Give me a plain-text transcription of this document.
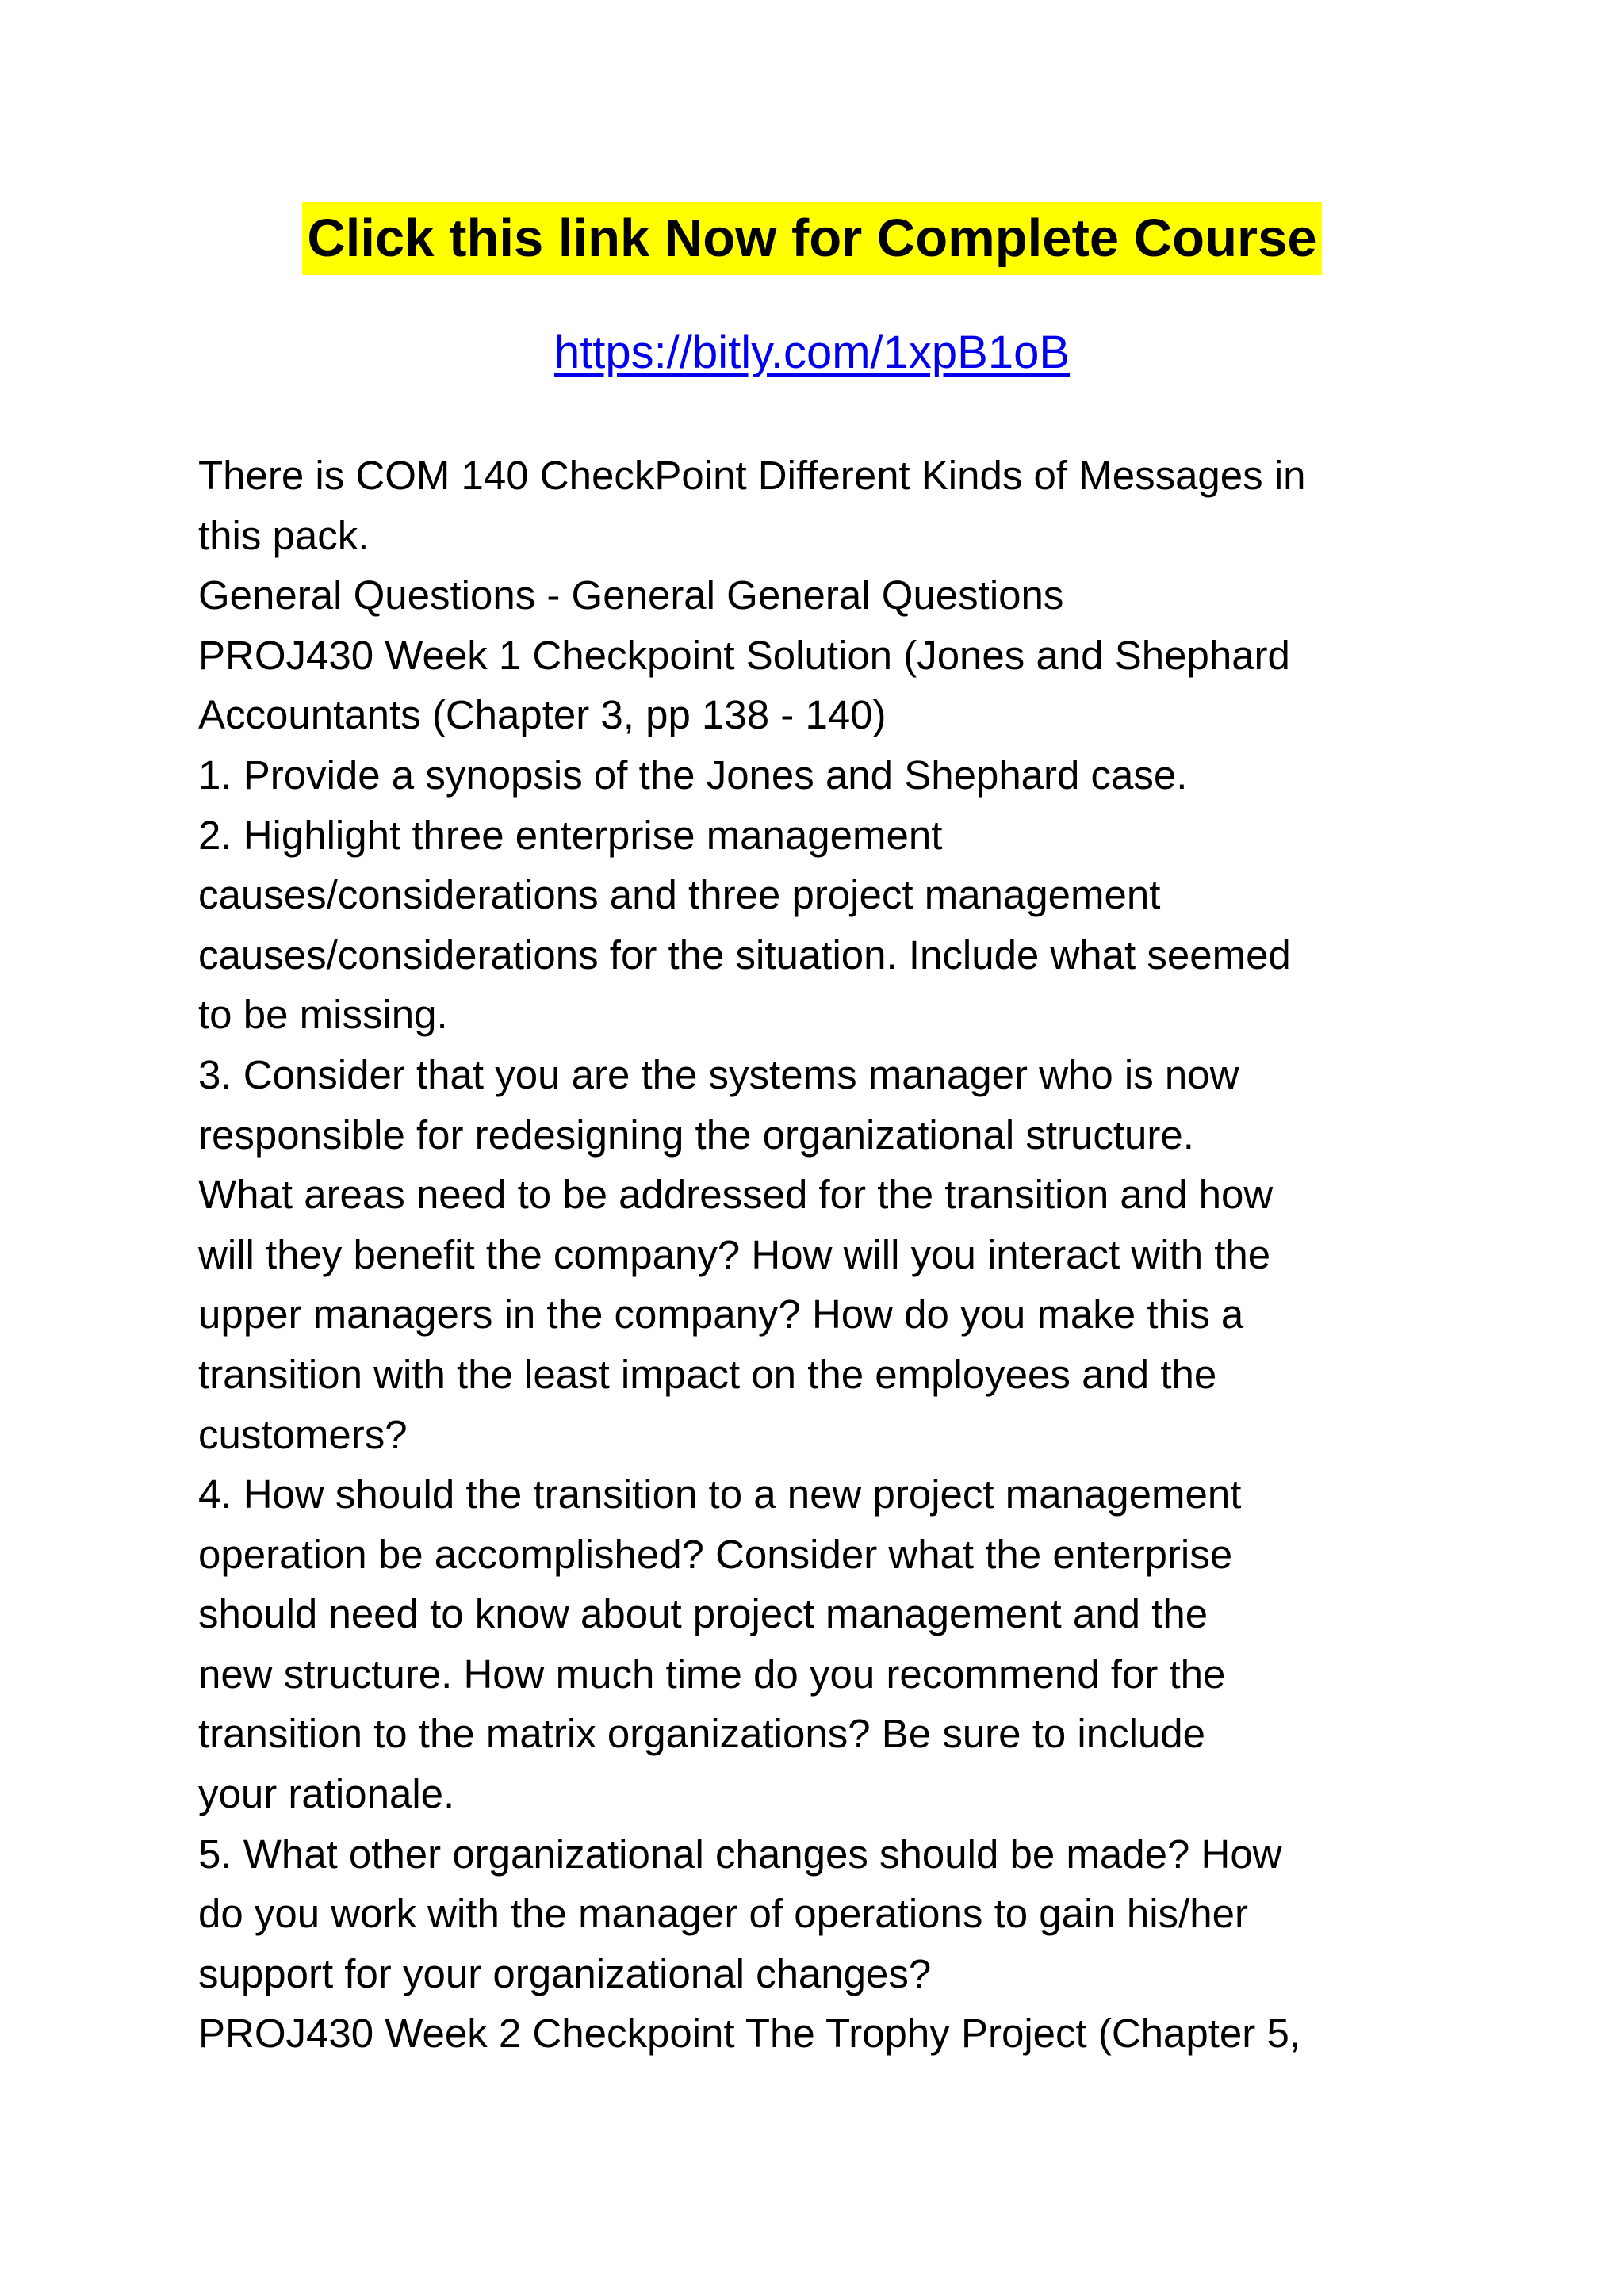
Click this link Now for Complete Course
https://bitly.com/1xpB1oB
There is COM 140 CheckPoint Different Kinds of Messages in
this pack.
General Questions - General General Questions
PROJ430 Week 1 Checkpoint Solution (Jones and Shephard
Accountants (Chapter 3, pp 138 - 140)
1. Provide a synopsis of the Jones and Shephard case.
2. Highlight three enterprise management
causes/considerations and three project management
causes/considerations for the situation. Include what seemed
to be missing.
3. Consider that you are the systems manager who is now
responsible for redesigning the organizational structure.
What areas need to be addressed for the transition and how
will they benefit the company? How will you interact with the
upper managers in the company? How do you make this a
transition with the least impact on the employees and the
customers?
4. How should the transition to a new project management
operation be accomplished? Consider what the enterprise
should need to know about project management and the
new structure. How much time do you recommend for the
transition to the matrix organizations? Be sure to include
your rationale.
5. What other organizational changes should be made? How
do you work with the manager of operations to gain his/her
support for your organizational changes?
PROJ430 Week 2 Checkpoint The Trophy Project (Chapter 5,
